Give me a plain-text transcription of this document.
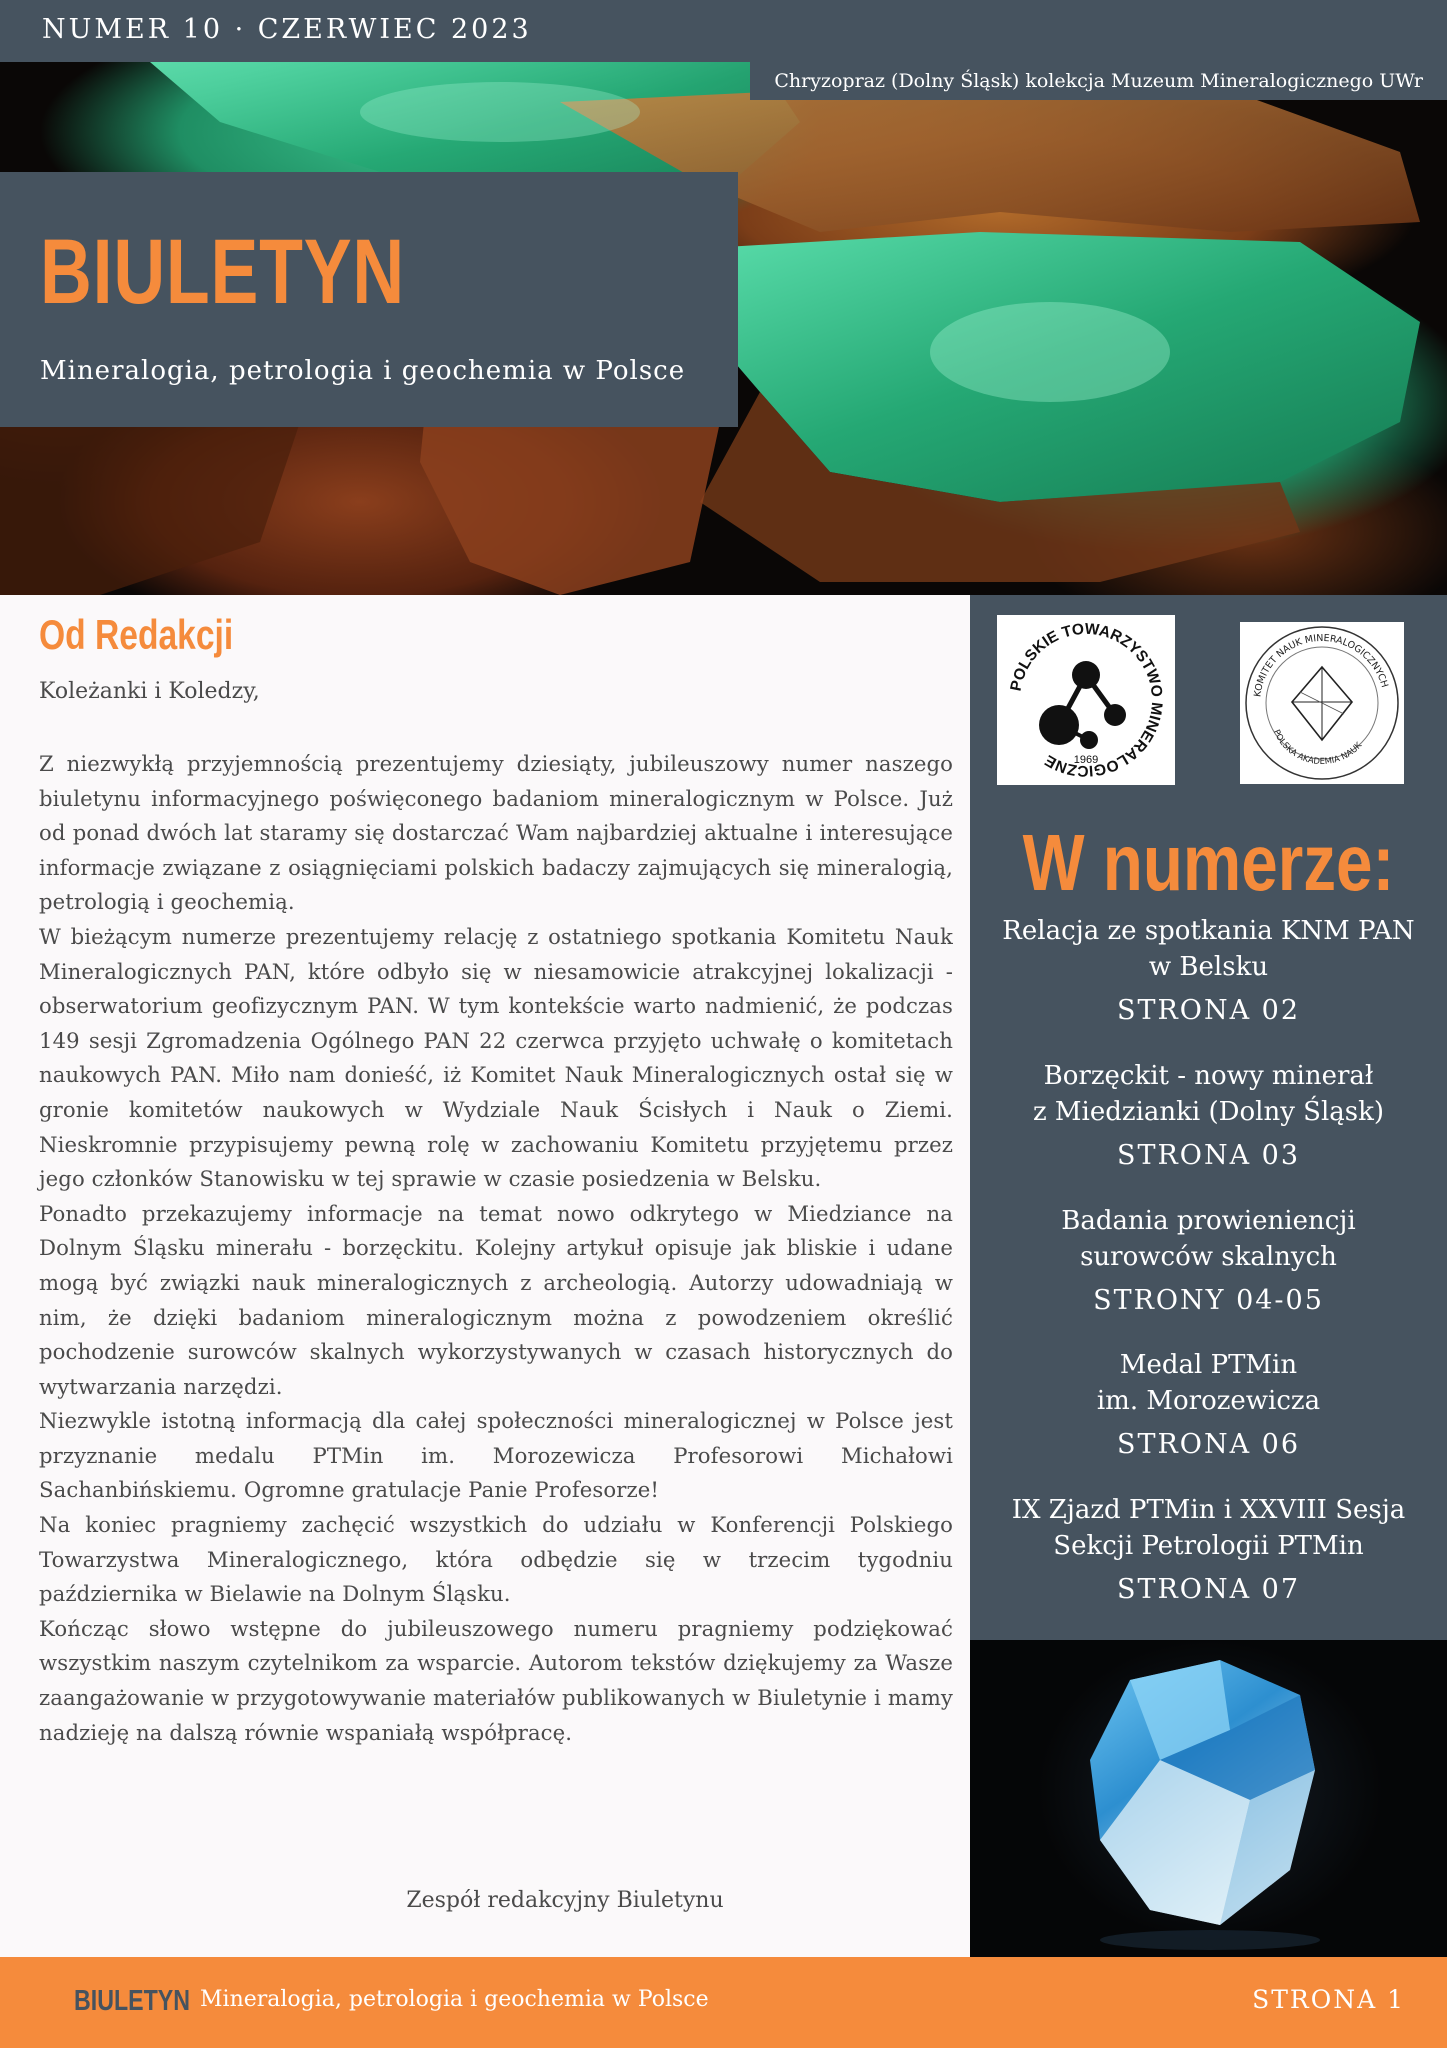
NUMER 10 · CZERWIEC 2023
Chryzopraz (Dolny Śląsk) kolekcja Muzeum Mineralogicznego UWr
BIULETYN
Mineralogia, petrologia i geochemia w Polsce
Od Redakcji
Koleżanki i Koledzy,

Z niezwykłą przyjemnością prezentujemy dziesiąty, jubileuszowy numer naszego biuletynu informacyjnego poświęconego badaniom mineralogicznym w Polsce. Już od ponad dwóch lat staramy się dostarczać Wam najbardziej aktualne i interesujące informacje związane z osiągnięciami polskich badaczy zajmujących się mineralogią, petrologią i geochemią.

W bieżącym numerze prezentujemy relację z ostatniego spotkania Komitetu Nauk Mineralogicznych PAN, które odbyło się w niesamowicie atrakcyjnej lokalizacji - obserwatorium geofizycznym PAN. W tym kontekście warto nadmienić, że podczas 149 sesji Zgromadzenia Ogólnego PAN 22 czerwca przyjęto uchwałę o komitetach naukowych PAN. Miło nam donieść, iż Komitet Nauk Mineralogicznych ostał się w gronie komitetów naukowych w Wydziale Nauk Ścisłych i Nauk o Ziemi. Nieskromnie przypisujemy pewną rolę w zachowaniu Komitetu przyjętemu przez jego członków Stanowisku w tej sprawie w czasie posiedzenia w Belsku.

Ponadto przekazujemy informacje na temat nowo odkrytego w Miedziance na Dolnym Śląsku minerału - borzęckitu. Kolejny artykuł opisuje jak bliskie i udane mogą być związki nauk mineralogicznych z archeologią. Autorzy udowadniają w nim, że dzięki badaniom mineralogicznym można z powodzeniem określić pochodzenie surowców skalnych wykorzystywanych w czasach historycznych do wytwarzania narzędzi.

Niezwykle istotną informacją dla całej społeczności mineralogicznej w Polsce jest przyznanie medalu PTMin im. Morozewicza Profesorowi Michałowi Sachanbińskiemu. Ogromne gratulacje Panie Profesorze!

Na koniec pragniemy zachęcić wszystkich do udziału w Konferencji Polskiego Towarzystwa Mineralogicznego, która odbędzie się w trzecim tygodniu października w Bielawie na Dolnym Śląsku.

Kończąc słowo wstępne do jubileuszowego numeru pragniemy podziękować wszystkim naszym czytelnikom za wsparcie. Autorom tekstów dziękujemy za Wasze zaangażowanie w przygotowywanie materiałów publikowanych w Biuletynie i mamy nadzieję na dalszą równie wspaniałą współpracę.

Zespół redakcyjny Biuletynu
POLSKIE TOWARZYSTWO MINERALOGICZNE	1969
KOMITET NAUK MINERALOGICZNYCH
POLSKA AKADEMIA NAUK
W numerze:
Relacja ze spotkania KNM PAN
w Belsku
STRONA 02
Borzęckit - nowy minerał
z Miedzianki (Dolny Śląsk)
STRONA 03
Badania prowieniencji
surowców skalnych
STRONY 04-05
Medal PTMin
im. Morozewicza
STRONA 06
IX Zjazd PTMin i XXVIII Sesja
Sekcji Petrologii PTMin
STRONA 07
BIULETYN Mineralogia, petrologia i geochemia w Polsce	STRONA 1
